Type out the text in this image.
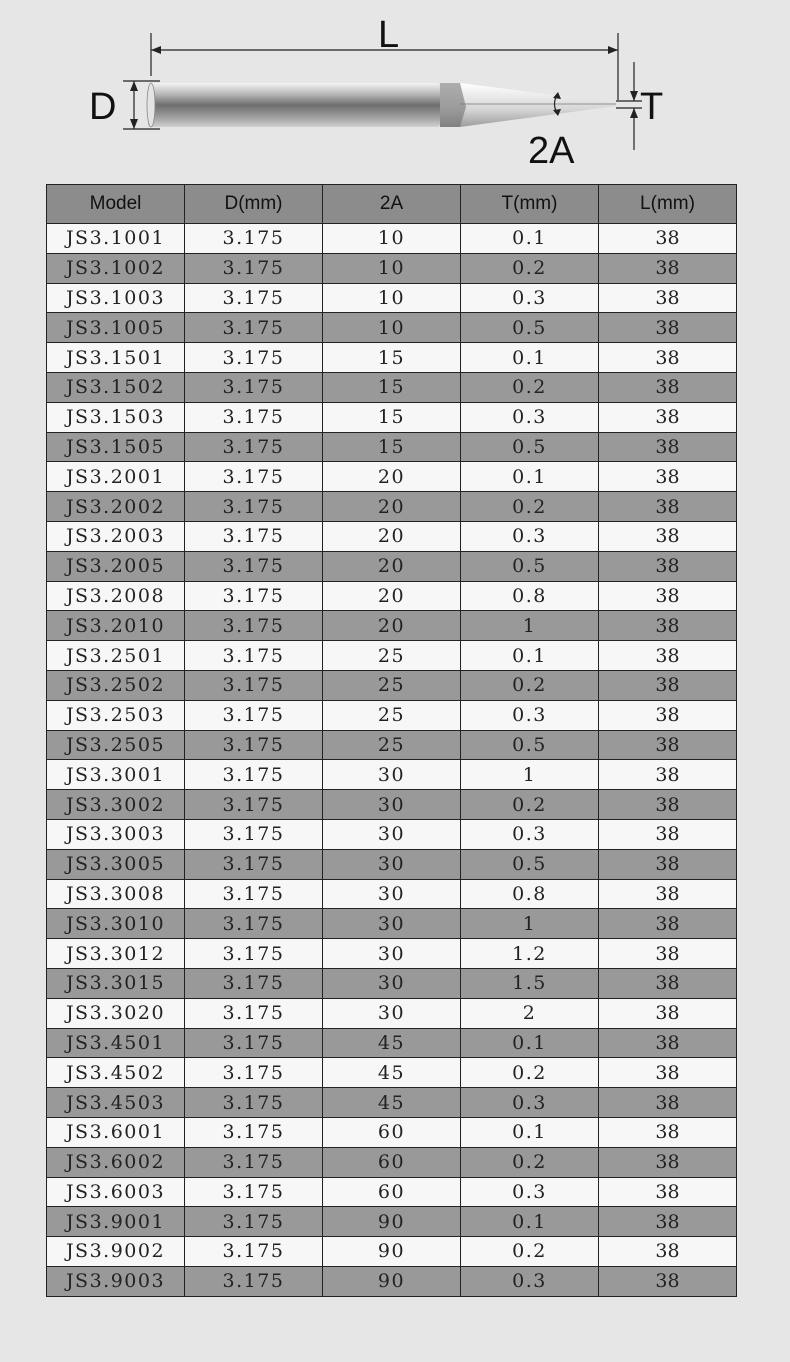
L
D	T
2A
Model	D(mm)	2A	T(mm)	L(mm)
JS3.1001	3.175	10	0.1	38
JS3.1002	3.175	10	0.2	38
JS3.1003	3.175	10	0.3	38
JS3.1005	3.175	10	0.5	38
JS3.1501	3.175	15	0.1	38
JS3.1502	3.175	15	0.2	38
JS3.1503	3.175	15	0.3	38
JS3.1505	3.175	15	0.5	38
JS3.2001	3.175	20	0.1	38
JS3.2002	3.175	20	0.2	38
JS3.2003	3.175	20	0.3	38
JS3.2005	3.175	20	0.5	38
JS3.2008	3.175	20	0.8	38
JS3.2010	3.175	20	1	38
JS3.2501	3.175	25	0.1	38
JS3.2502	3.175	25	0.2	38
JS3.2503	3.175	25	0.3	38
JS3.2505	3.175	25	0.5	38
JS3.3001	3.175	30	1	38
JS3.3002	3.175	30	0.2	38
JS3.3003	3.175	30	0.3	38
JS3.3005	3.175	30	0.5	38
JS3.3008	3.175	30	0.8	38
JS3.3010	3.175	30	1	38
JS3.3012	3.175	30	1.2	38
JS3.3015	3.175	30	1.5	38
JS3.3020	3.175	30	2	38
JS3.4501	3.175	45	0.1	38
JS3.4502	3.175	45	0.2	38
JS3.4503	3.175	45	0.3	38
JS3.6001	3.175	60	0.1	38
JS3.6002	3.175	60	0.2	38
JS3.6003	3.175	60	0.3	38
JS3.9001	3.175	90	0.1	38
JS3.9002	3.175	90	0.2	38
JS3.9003	3.175	90	0.3	38
